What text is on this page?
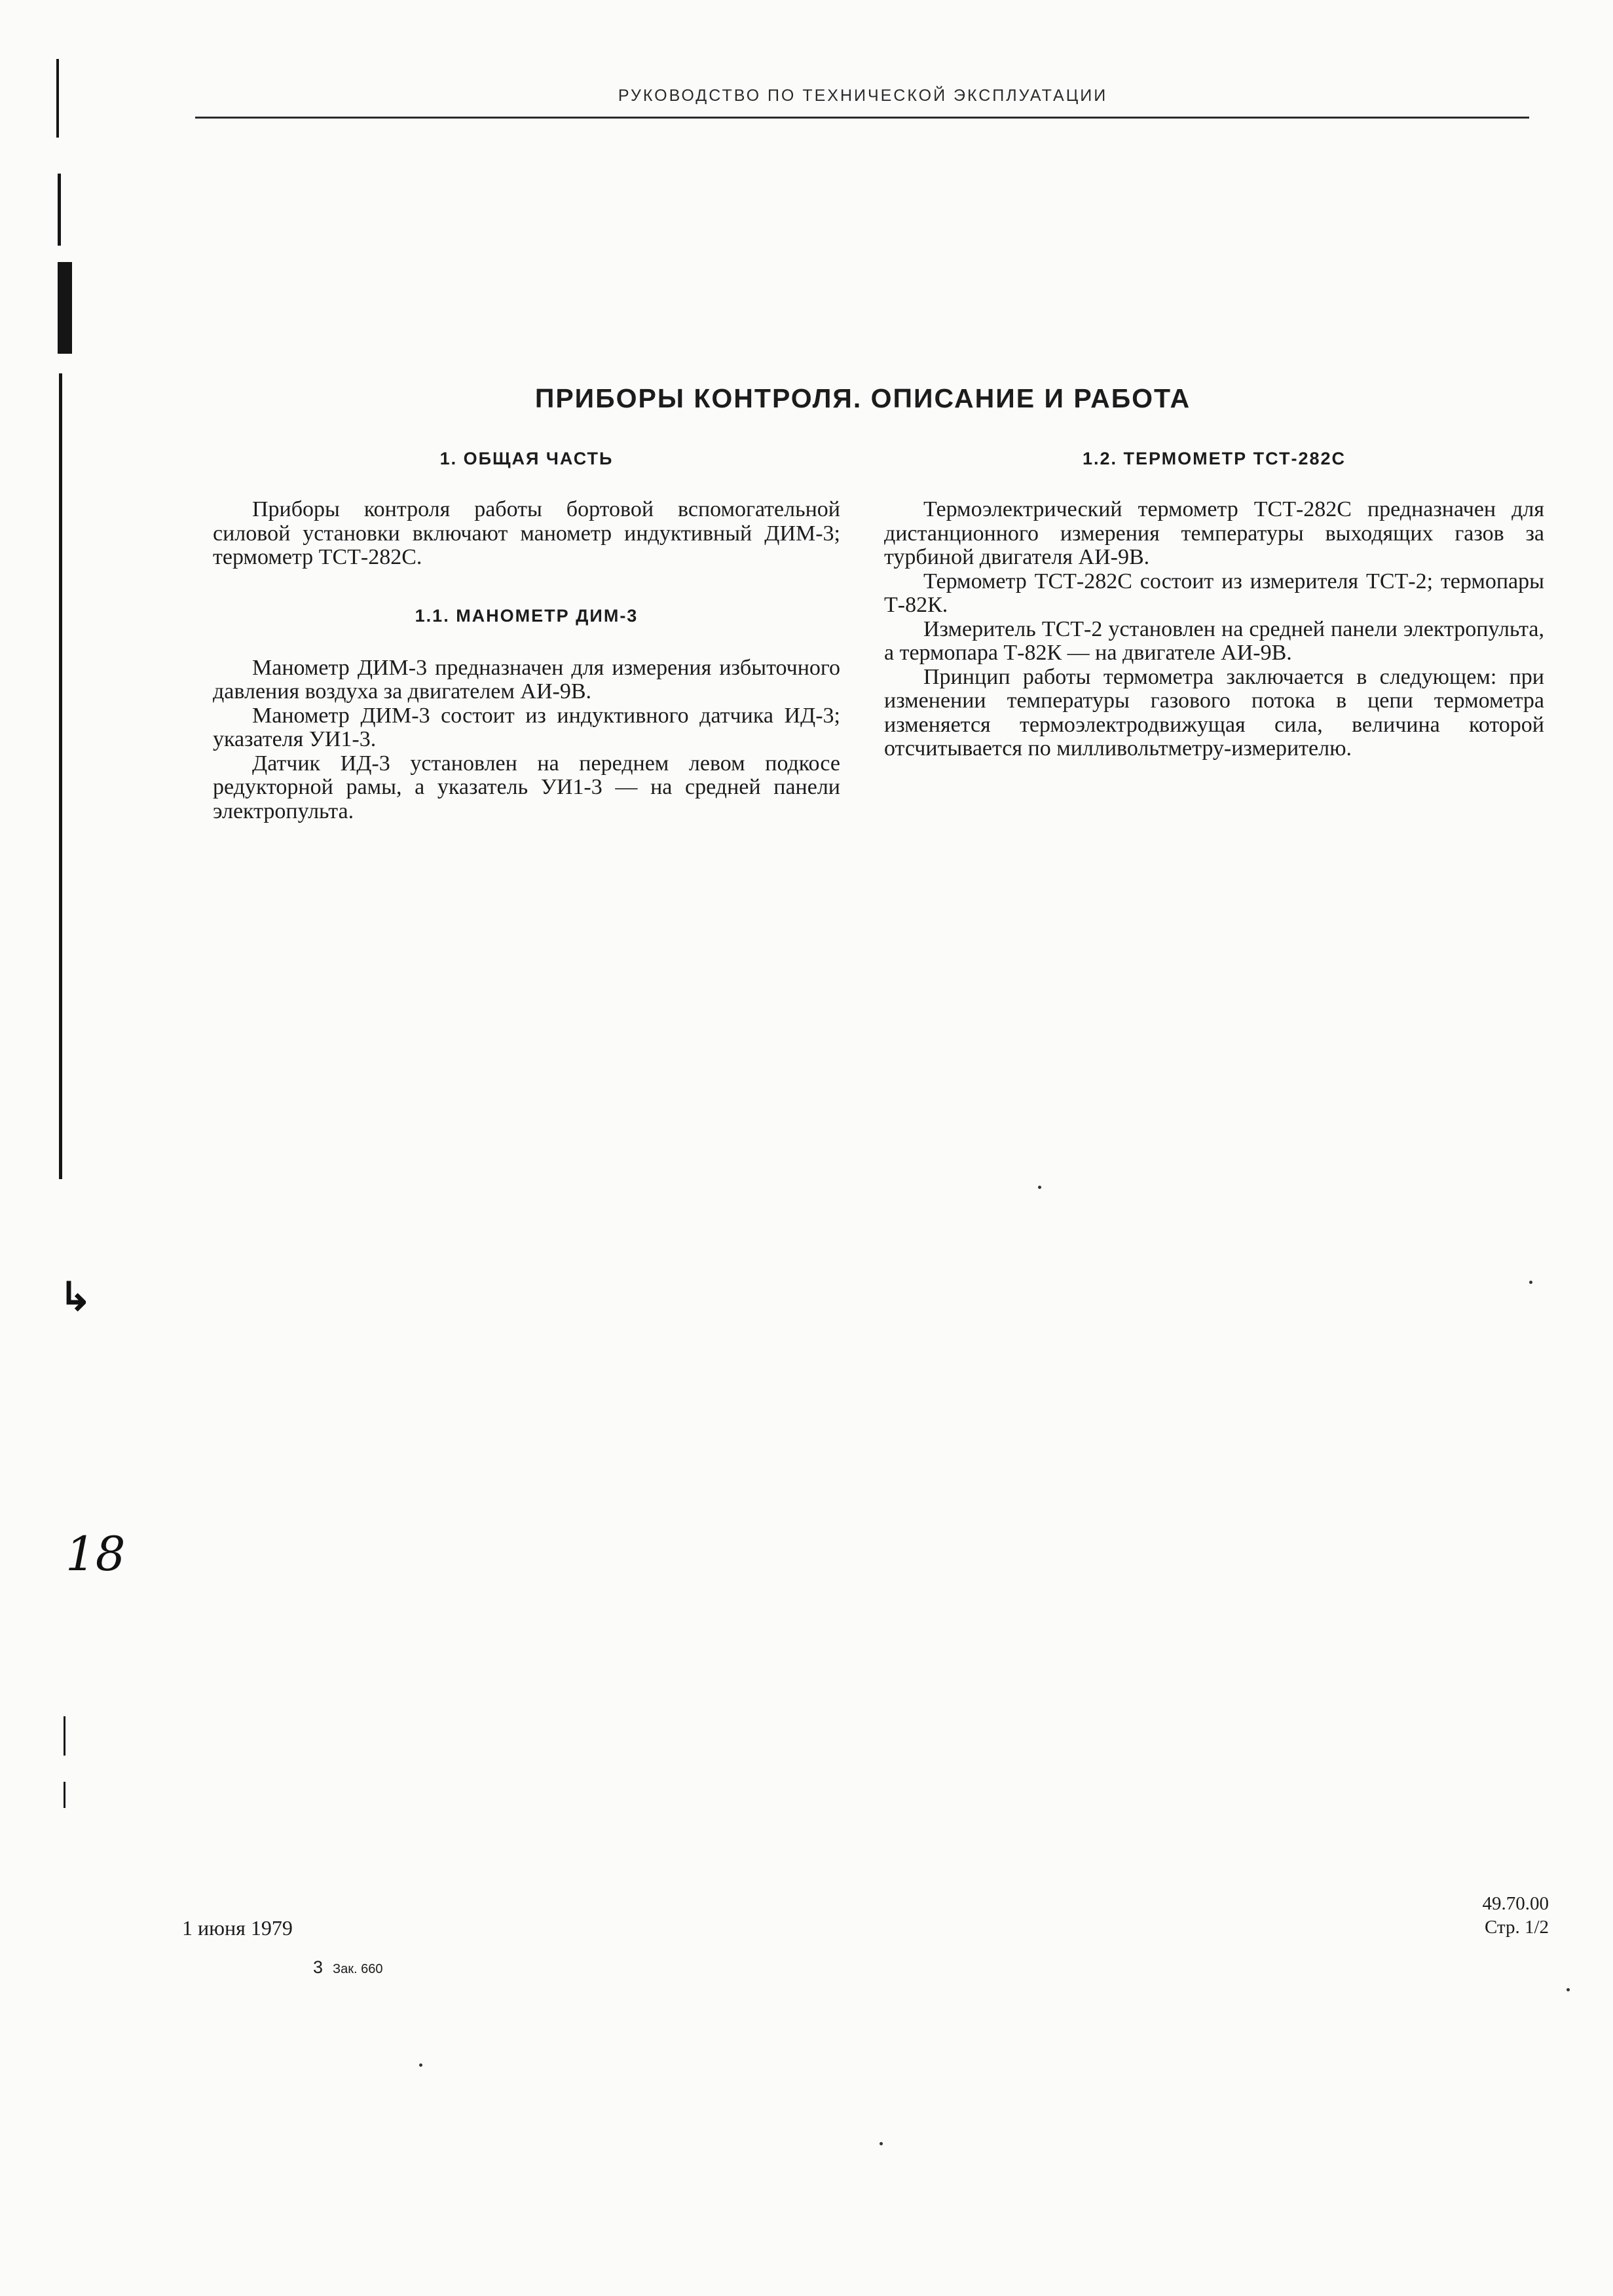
РУКОВОДСТВО ПО ТЕХНИЧЕСКОЙ ЭКСПЛУАТАЦИИ
ПРИБОРЫ КОНТРОЛЯ. ОПИСАНИЕ И РАБОТА
1. ОБЩАЯ ЧАСТЬ

Приборы контроля работы бортовой вспомогательной силовой установки включают манометр индуктивный ДИМ-3; термометр ТСТ-282С.

1.1. МАНОМЕТР ДИМ-3

Манометр ДИМ-3 предназначен для измерения избыточного давления воздуха за двигателем АИ-9В.

Манометр ДИМ-3 состоит из индуктивного датчика ИД-3; указателя УИ1-3.

Датчик ИД-3 установлен на переднем левом подкосе редукторной рамы, а указатель УИ1-3 — на средней панели электропульта.

1.2. ТЕРМОМЕТР ТСТ-282С

Термоэлектрический термометр ТСТ-282С предназначен для дистанционного измерения температуры выходящих газов за турбиной двигателя АИ-9В.

Термометр ТСТ-282С состоит из измерителя ТСТ-2; термопары Т-82К.

Измеритель ТСТ-2 установлен на средней панели электропульта, а термопара Т-82К — на двигателе АИ-9В.

Принцип работы термометра заключается в следующем: при изменении температуры газового потока в цепи термометра изменяется термоэлектродвижущая сила, величина которой отсчитывается по милливольтметру-измерителю.

1 июня 1979
3 Зак. 660
49.70.00
Стр. 1/2
↳
18
